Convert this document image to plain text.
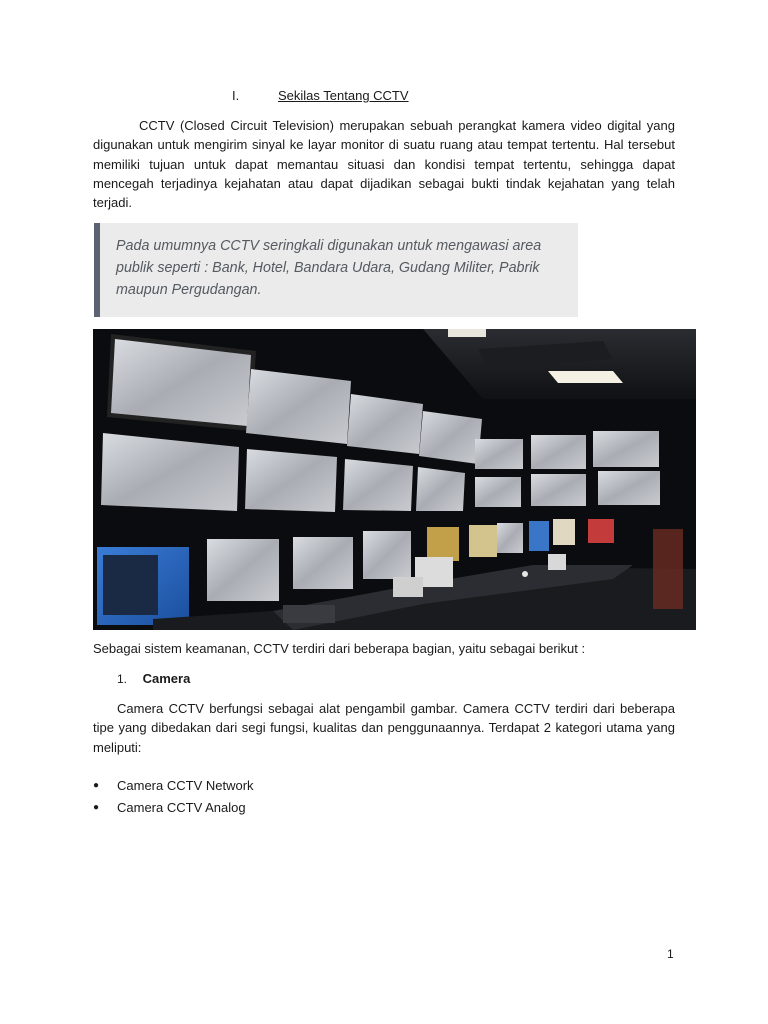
I.	Sekilas Tentang CCTV

CCTV (Closed Circuit Television) merupakan sebuah perangkat kamera video digital yang digunakan untuk mengirim sinyal ke layar monitor di suatu ruang atau tempat tertentu. Hal tersebut memiliki tujuan untuk dapat memantau situasi dan kondisi tempat tertentu, sehingga dapat mencegah terjadinya kejahatan atau dapat dijadikan sebagai bukti tindak kejahatan yang telah terjadi.

Pada umumnya CCTV seringkali digunakan untuk mengawasi area publik seperti : Bank, Hotel, Bandara Udara, Gudang Militer, Pabrik maupun Pergudangan.
Sebagai sistem keamanan, CCTV terdiri dari beberapa bagian, yaitu sebagai berikut :
1. Camera

Camera CCTV berfungsi sebagai alat pengambil gambar. Camera CCTV terdiri dari beberapa tipe yang dibedakan dari segi fungsi, kualitas dan penggunaannya. Terdapat 2 kategori utama yang meliputi:

●	Camera CCTV Network
●	Camera CCTV Analog
1
